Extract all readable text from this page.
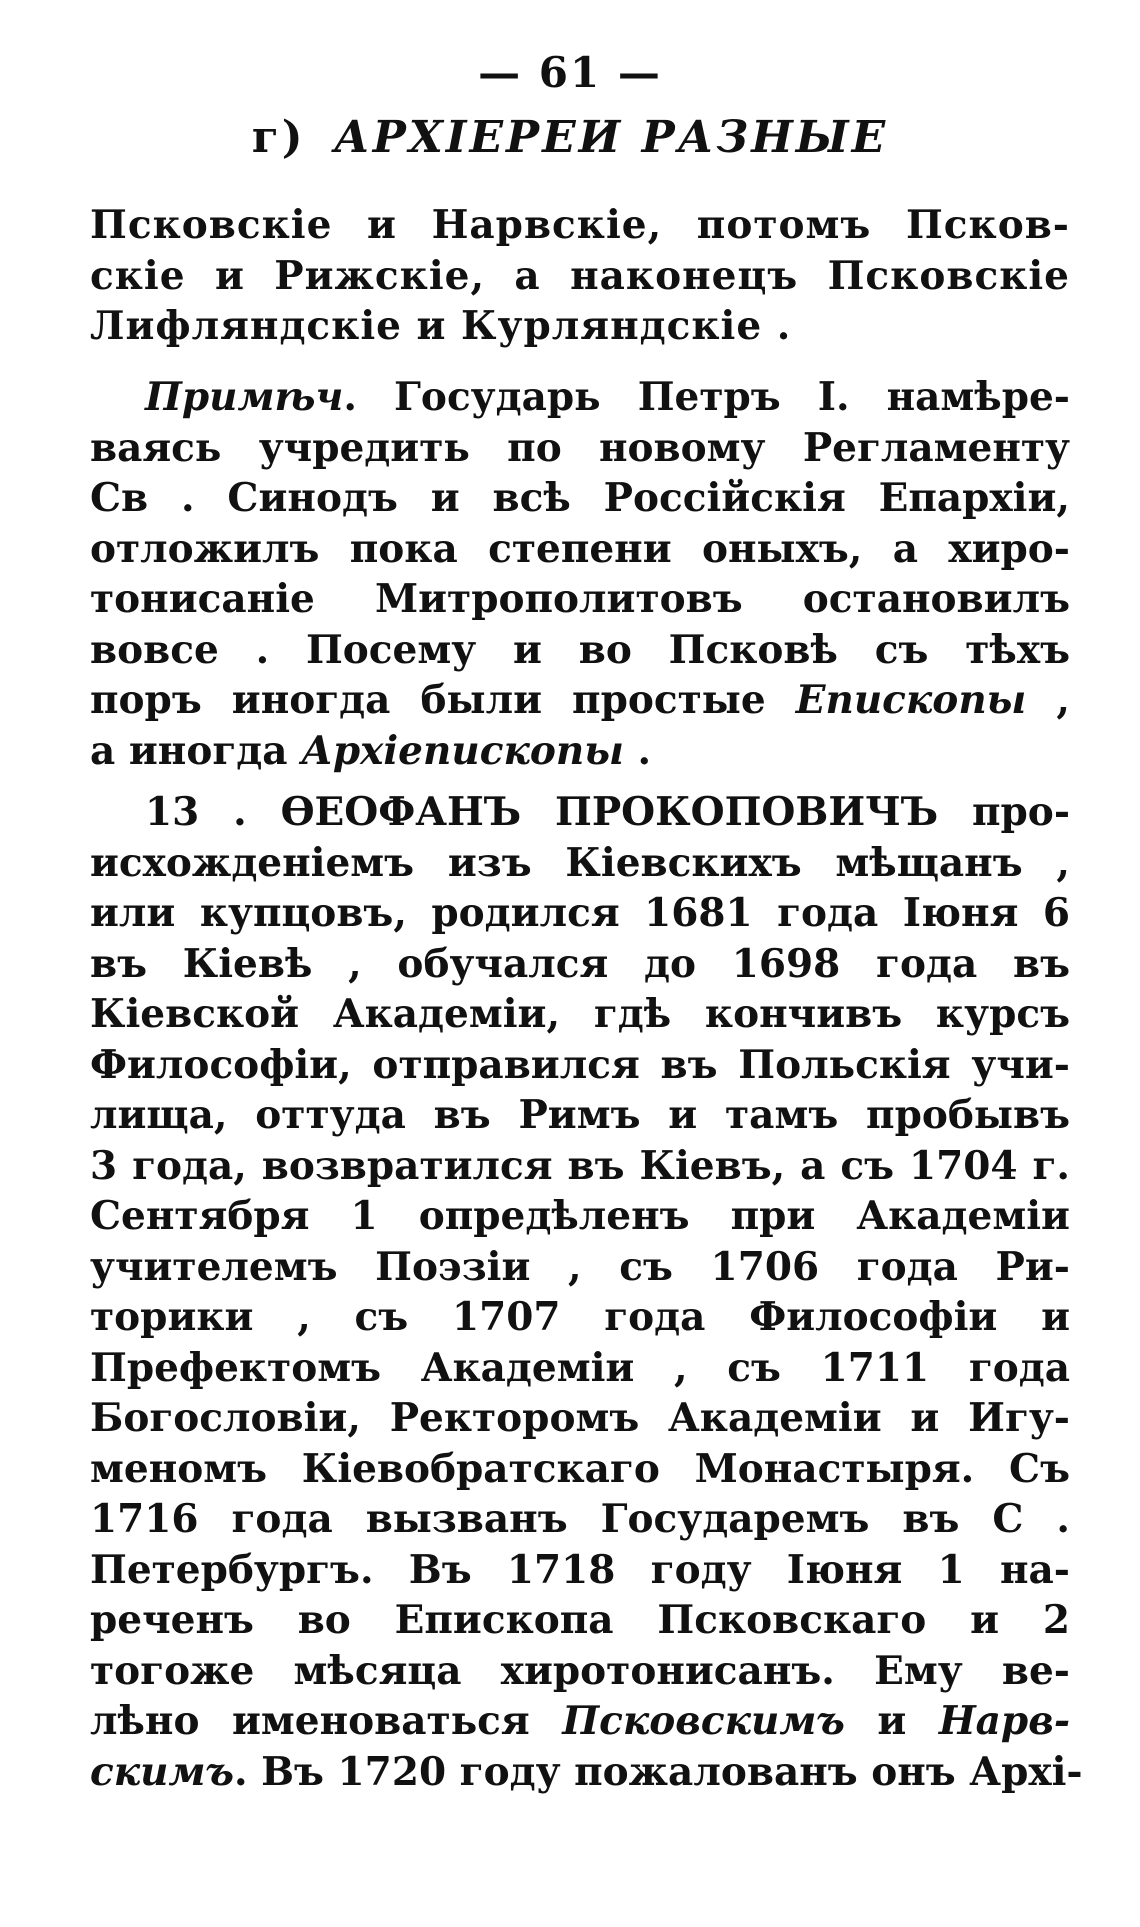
— 61 —
г) АРХІЕРЕИ РАЗНЫЕ
Псковскіе и Нарвскіе, потомъ Псков-
скіе и Рижскіе, а наконецъ Псковскіе
Лифляндскіе и Курляндскіе .
Примѣч. Государь Петръ I. намѣре-
ваясь учредить по новому Регламенту
Св . Синодъ и всѣ Россійскія Епархіи,
отложилъ пока степени оныхъ, а хиро-
тонисаніе Митрополитовъ остановилъ
вовсе . Посему и во Псковѣ съ тѣхъ
поръ иногда были простые Епископы ,
а иногда Архіепископы .
13 . ѲЕОФАНЪ ПРОКОПОВИЧЪ про-
исхожденіемъ изъ Кіевскихъ мѣщанъ ,
или купцовъ, родился 1681 года Іюня 6
въ Кіевѣ , обучался до 1698 года въ
Кіевской Академіи, гдѣ кончивъ курсъ
Философіи, отправился въ Польскія учи-
лища, оттуда въ Римъ и тамъ пробывъ
3 года, возвратился въ Кіевъ, а съ 1704 г.
Сентября 1 опредѣленъ при Академіи
учителемъ Поэзіи , съ 1706 года Ри-
торики , съ 1707 года Философіи и
Префектомъ Академіи , съ 1711 года
Богословіи, Ректоромъ Академіи и Игу-
меномъ Кіевобратскаго Монастыря. Съ
1716 года вызванъ Государемъ въ С .
Петербургъ. Въ 1718 году Іюня 1 на-
реченъ во Епископа Псковскаго и 2
тогоже мѣсяца хиротонисанъ. Ему ве-
лѣно именоваться Псковскимъ и Нарв-
скимъ. Въ 1720 году пожалованъ онъ Архі-
